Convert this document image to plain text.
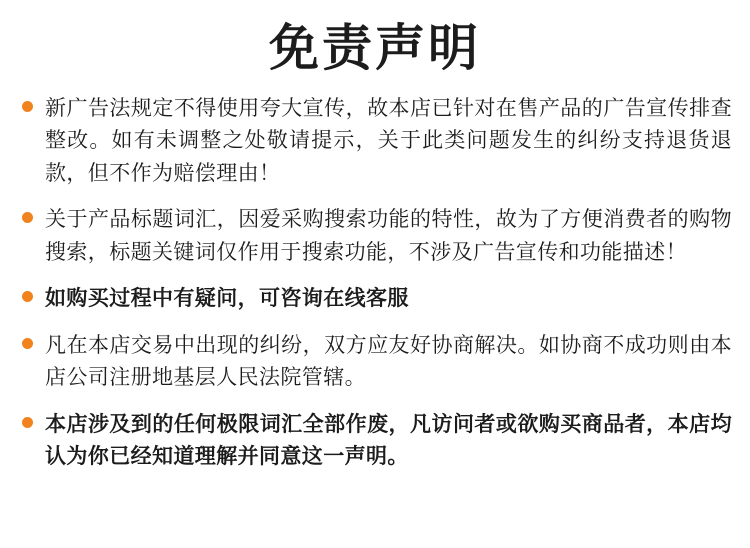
免责声明
新广告法规定不得使用夸大宣传，故本店已针对在售产品的广告宣传排查整改。如有未调整之处敬请提示，关于此类问题发生的纠纷支持退货退款，但不作为赔偿理由！
关于产品标题词汇，因爱采购搜索功能的特性，故为了方便消费者的购物搜索，标题关键词仅作用于搜索功能，不涉及广告宣传和功能描述！
如购买过程中有疑问，可咨询在线客服
凡在本店交易中出现的纠纷，双方应友好协商解决。如协商不成功则由本店公司注册地基层人民法院管辖。
本店涉及到的任何极限词汇全部作废，凡访问者或欲购买商品者，本店均认为你已经知道理解并同意这一声明。
